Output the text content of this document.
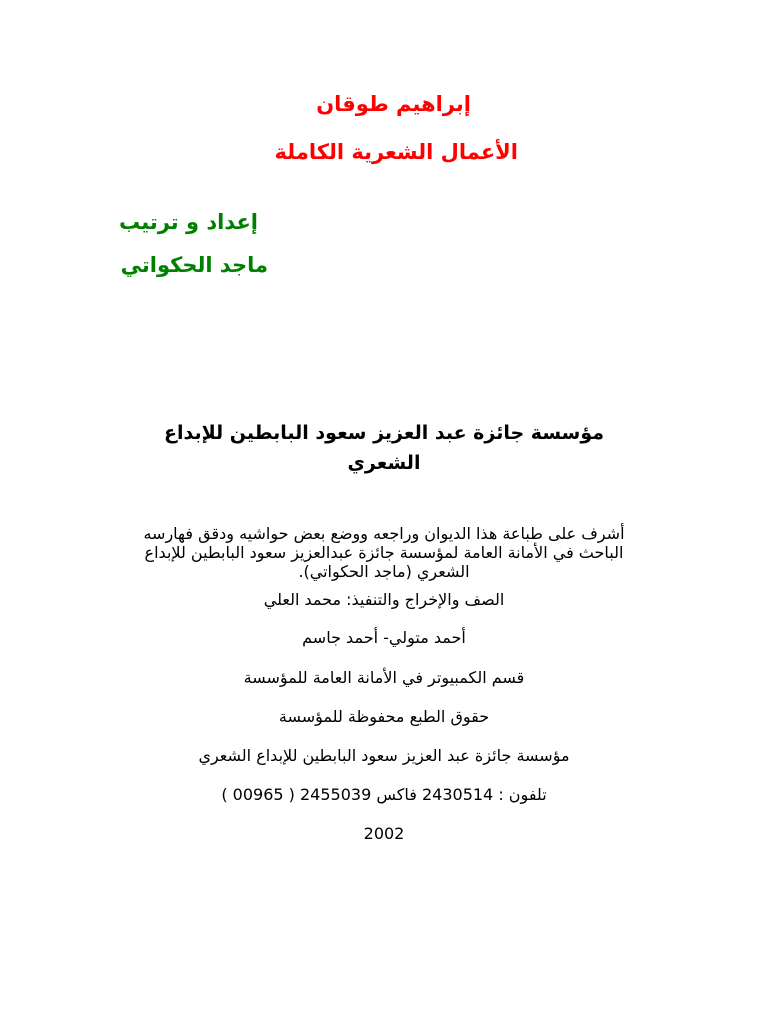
إبراهيم طوقان
الأعمال الشعرية الكاملة
إعداد و ترتيب
ماجد الحكواتي
مؤسسة جائزة عبد العزيز سعود البابطين للإبداع الشعري
أشرف على طباعة هذا الديوان وراجعه ووضع بعض حواشيه ودقق فهارسه الباحث في الأمانة العامة لمؤسسة جائزة عبدالعزيز سعود البابطين للإبداع الشعري (ماجد الحكواتي).
الصف والإخراج والتنفيذ: محمد العلي
أحمد متولي- أحمد جاسم
قسم الكمبيوتر في الأمانة العامة للمؤسسة
حقوق الطبع محفوظة للمؤسسة
مؤسسة جائزة عبد العزيز سعود البابطين للإبداع الشعري
تلفون : 2430514 فاكس 2455039 ( 00965 )
2002
